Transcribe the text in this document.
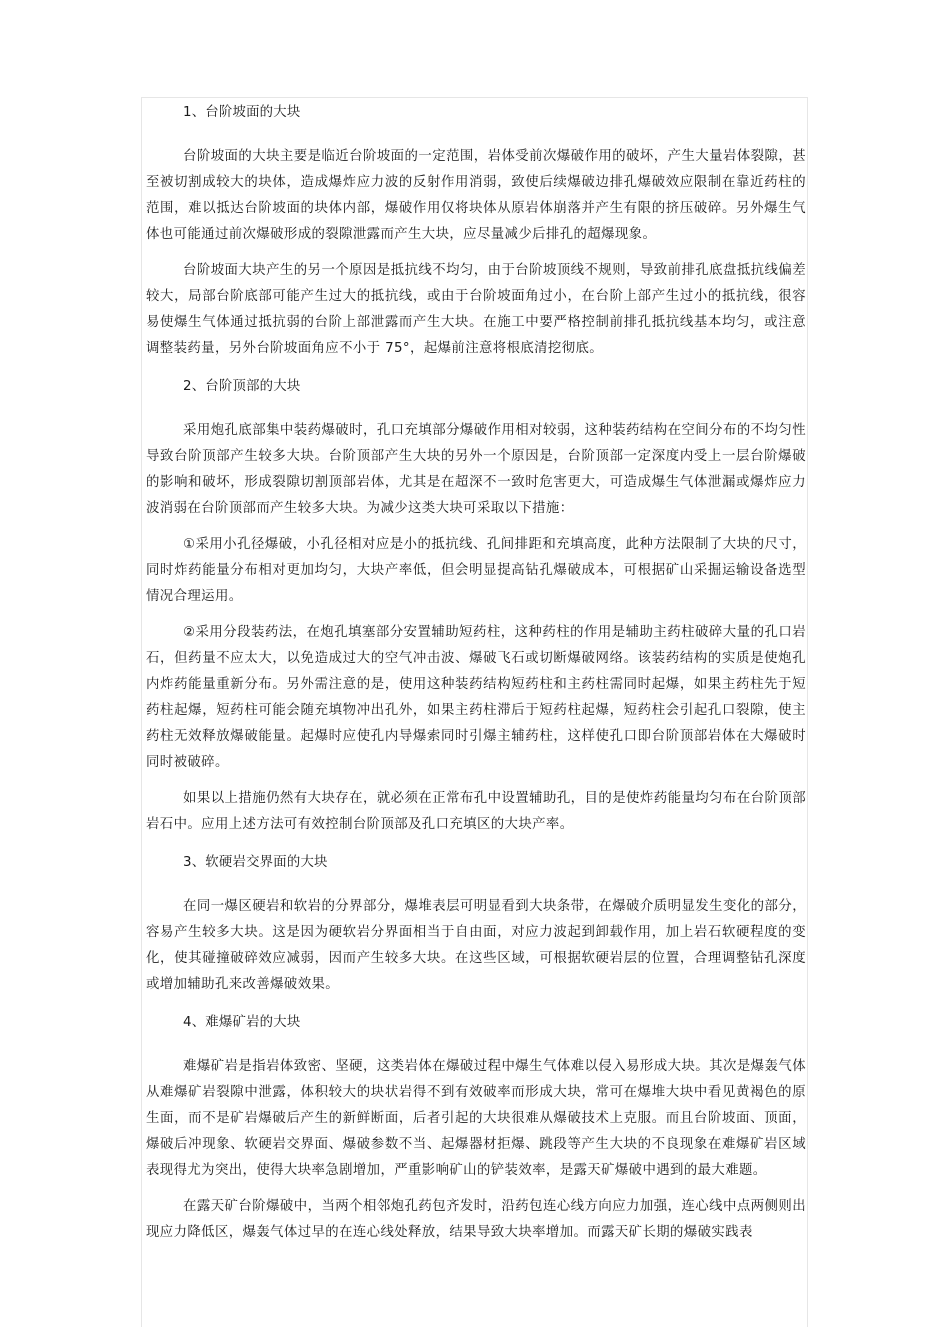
1、台阶坡面的大块

台阶坡面的大块主要是临近台阶坡面的一定范围，岩体受前次爆破作用的破坏，产生大量岩体裂隙，甚至被切割成较大的块体，造成爆炸应力波的反射作用消弱，致使后续爆破边排孔爆破效应限制在靠近药柱的范围，难以抵达台阶坡面的块体内部，爆破作用仅将块体从原岩体崩落并产生有限的挤压破碎。另外爆生气体也可能通过前次爆破形成的裂隙泄露而产生大块，应尽量减少后排孔的超爆现象。

台阶坡面大块产生的另一个原因是抵抗线不均匀，由于台阶坡顶线不规则，导致前排孔底盘抵抗线偏差较大，局部台阶底部可能产生过大的抵抗线，或由于台阶坡面角过小，在台阶上部产生过小的抵抗线，很容易使爆生气体通过抵抗弱的台阶上部泄露而产生大块。在施工中要严格控制前排孔抵抗线基本均匀，或注意调整装药量，另外台阶坡面角应不小于 75°，起爆前注意将根底清挖彻底。

2、台阶顶部的大块

采用炮孔底部集中装药爆破时，孔口充填部分爆破作用相对较弱，这种装药结构在空间分布的不均匀性导致台阶顶部产生较多大块。台阶顶部产生大块的另外一个原因是，台阶顶部一定深度内受上一层台阶爆破的影响和破坏，形成裂隙切割顶部岩体，尤其是在超深不一致时危害更大，可造成爆生气体泄漏或爆炸应力波消弱在台阶顶部而产生较多大块。为减少这类大块可采取以下措施：

①采用小孔径爆破，小孔径相对应是小的抵抗线、孔间排距和充填高度，此种方法限制了大块的尺寸，同时炸药能量分布相对更加均匀，大块产率低，但会明显提高钻孔爆破成本，可根据矿山采掘运输设备选型情况合理运用。

②采用分段装药法，在炮孔填塞部分安置辅助短药柱，这种药柱的作用是辅助主药柱破碎大量的孔口岩石，但药量不应太大，以免造成过大的空气冲击波、爆破飞石或切断爆破网络。该装药结构的实质是使炮孔内炸药能量重新分布。另外需注意的是，使用这种装药结构短药柱和主药柱需同时起爆，如果主药柱先于短药柱起爆，短药柱可能会随充填物冲出孔外，如果主药柱滞后于短药柱起爆，短药柱会引起孔口裂隙，使主药柱无效释放爆破能量。起爆时应使孔内导爆索同时引爆主辅药柱，这样使孔口即台阶顶部岩体在大爆破时同时被破碎。

如果以上措施仍然有大块存在，就必须在正常布孔中设置辅助孔，目的是使炸药能量均匀布在台阶顶部岩石中。应用上述方法可有效控制台阶顶部及孔口充填区的大块产率。

3、软硬岩交界面的大块

在同一爆区硬岩和软岩的分界部分，爆堆表层可明显看到大块条带，在爆破介质明显发生变化的部分，容易产生较多大块。这是因为硬软岩分界面相当于自由面，对应力波起到卸载作用，加上岩石软硬程度的变化，使其碰撞破碎效应减弱，因而产生较多大块。在这些区域，可根据软硬岩层的位置，合理调整钻孔深度或增加辅助孔来改善爆破效果。

4、难爆矿岩的大块

难爆矿岩是指岩体致密、坚硬，这类岩体在爆破过程中爆生气体难以侵入易形成大块。其次是爆轰气体从难爆矿岩裂隙中泄露，体积较大的块状岩得不到有效破率而形成大块，常可在爆堆大块中看见黄褐色的原生面，而不是矿岩爆破后产生的新鲜断面，后者引起的大块很难从爆破技术上克服。而且台阶坡面、顶面，爆破后冲现象、软硬岩交界面、爆破参数不当、起爆器材拒爆、跳段等产生大块的不良现象在难爆矿岩区域表现得尤为突出，使得大块率急剧增加，严重影响矿山的铲装效率，是露天矿爆破中遇到的最大难题。

在露天矿台阶爆破中，当两个相邻炮孔药包齐发时，沿药包连心线方向应力加强，连心线中点两侧则出现应力降低区，爆轰气体过早的在连心线处释放，结果导致大块率增加。而露天矿长期的爆破实践表
